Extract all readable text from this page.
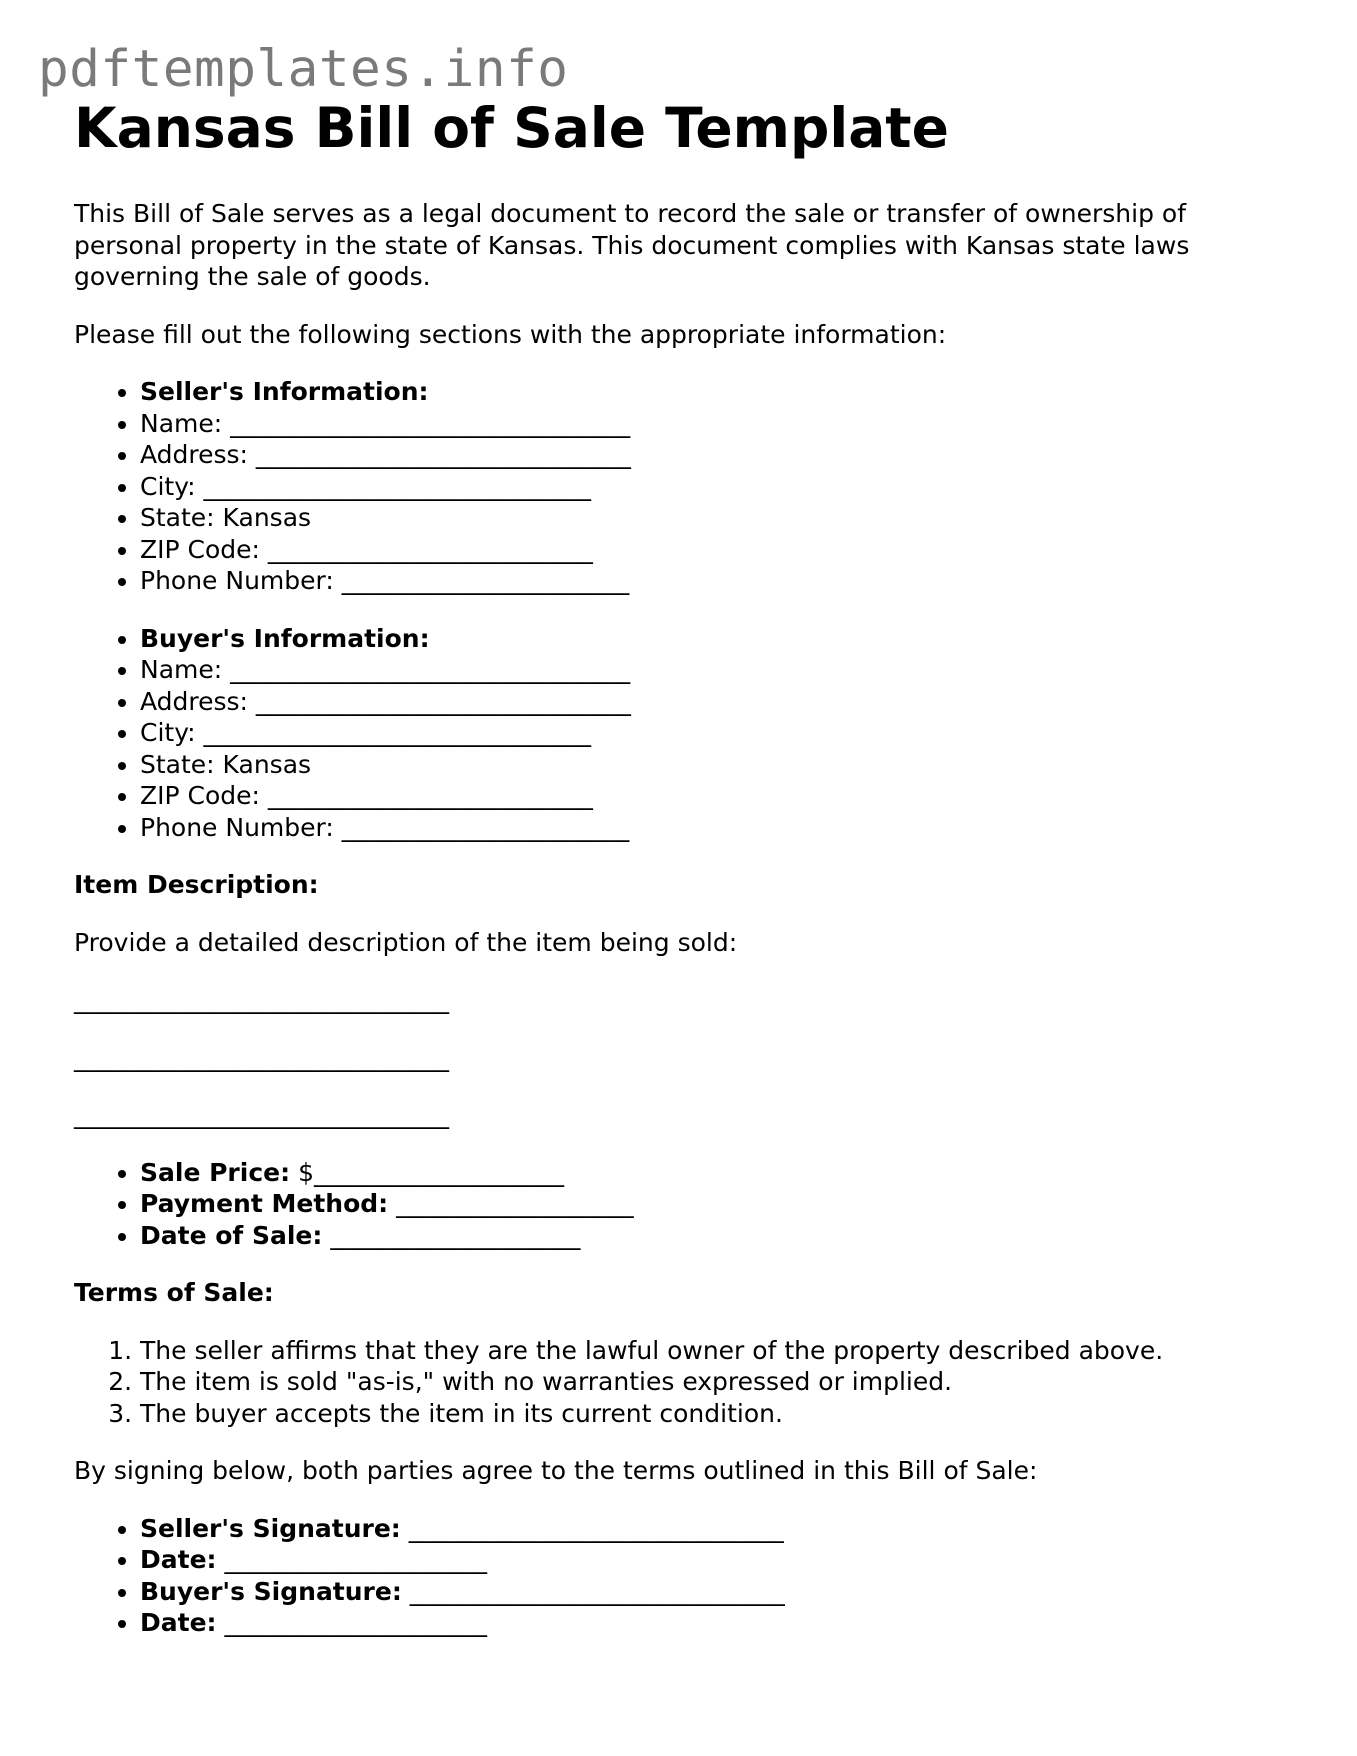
pdftemplates.info
Kansas Bill of Sale Template

This Bill of Sale serves as a legal document to record the sale or transfer of ownership of personal property in the state of Kansas. This document complies with Kansas state laws governing the sale of goods.

Please fill out the following sections with the appropriate information:

• Seller's Information:
• Name: ________________________________
• Address: ______________________________
• City: _______________________________
• State: Kansas
• ZIP Code: __________________________
• Phone Number: _______________________
• Buyer's Information:
• Name: ________________________________
• Address: ______________________________
• City: _______________________________
• State: Kansas
• ZIP Code: __________________________
• Phone Number: _______________________

Item Description:

Provide a detailed description of the item being sold:

______________________________

______________________________

______________________________

• Sale Price: $____________________
• Payment Method: ___________________
• Date of Sale: ____________________

Terms of Sale:

1. The seller affirms that they are the lawful owner of the property described above.
2. The item is sold "as-is," with no warranties expressed or implied.
3. The buyer accepts the item in its current condition.

By signing below, both parties agree to the terms outlined in this Bill of Sale:

• Seller's Signature: ______________________________
• Date: _____________________
• Buyer's Signature: ______________________________
• Date: _____________________
